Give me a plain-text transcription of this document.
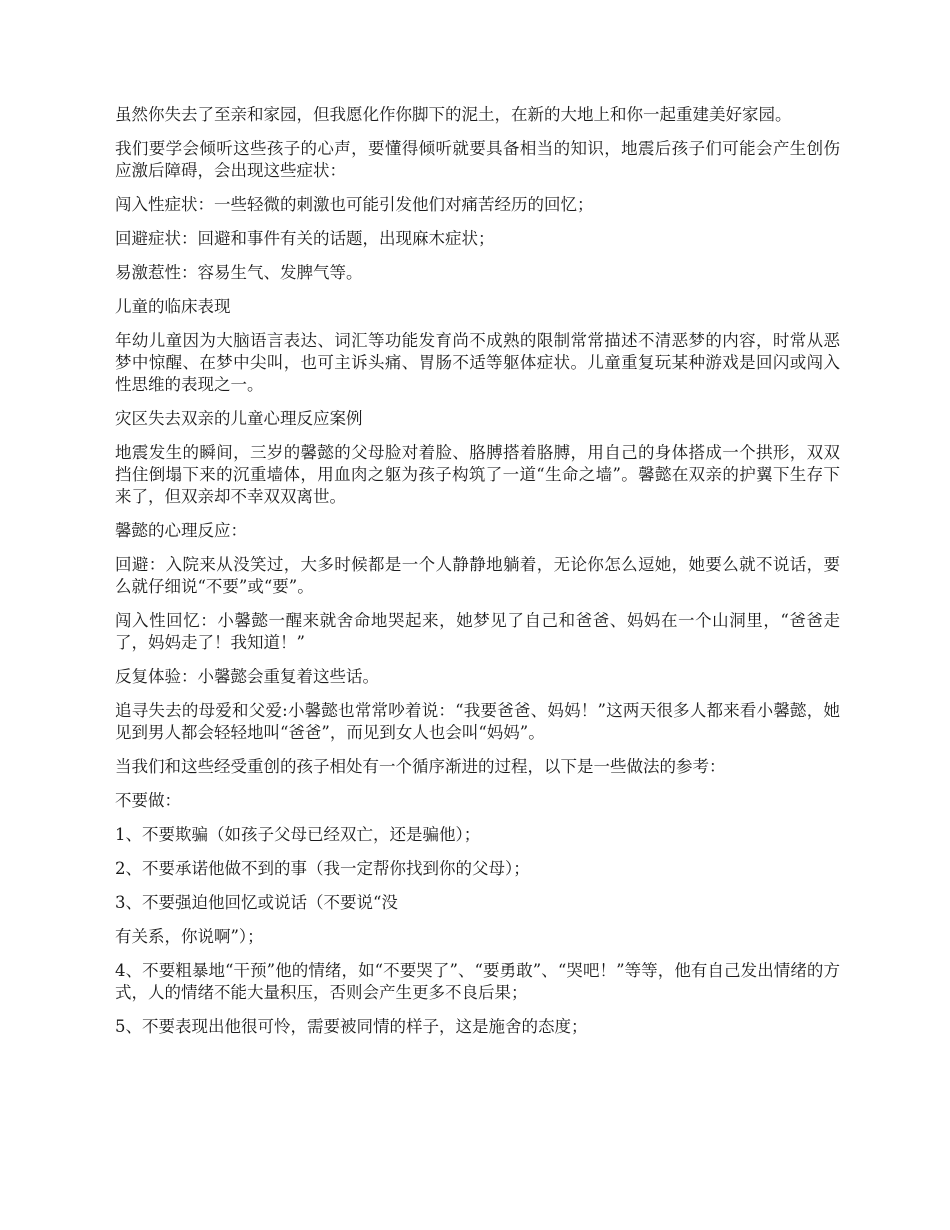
虽然你失去了至亲和家园，但我愿化作你脚下的泥土，在新的大地上和你一起重建美好家园。

我们要学会倾听这些孩子的心声，要懂得倾听就要具备相当的知识，地震后孩子们可能会产生创伤应激后障碍，会出现这些症状：

闯入性症状：一些轻微的刺激也可能引发他们对痛苦经历的回忆；

回避症状：回避和事件有关的话题，出现麻木症状；

易激惹性：容易生气、发脾气等。

儿童的临床表现

年幼儿童因为大脑语言表达、词汇等功能发育尚不成熟的限制常常描述不清恶梦的内容，时常从恶梦中惊醒、在梦中尖叫，也可主诉头痛、胃肠不适等躯体症状。儿童重复玩某种游戏是回闪或闯入性思维的表现之一。

灾区失去双亲的儿童心理反应案例

地震发生的瞬间，三岁的馨懿的父母脸对着脸、胳膊搭着胳膊，用自己的身体搭成一个拱形，双双挡住倒塌下来的沉重墙体，用血肉之躯为孩子构筑了一道“生命之墙”。馨懿在双亲的护翼下生存下来了，但双亲却不幸双双离世。

馨懿的心理反应：

回避：入院来从没笑过，大多时候都是一个人静静地躺着，无论你怎么逗她，她要么就不说话，要么就仔细说“不要”或“要”。

闯入性回忆：小馨懿一醒来就舍命地哭起来，她梦见了自己和爸爸、妈妈在一个山洞里，“爸爸走了，妈妈走了！我知道！”

反复体验：小馨懿会重复着这些话。

追寻失去的母爱和父爱:小馨懿也常常吵着说：“我要爸爸、妈妈！”这两天很多人都来看小馨懿，她见到男人都会轻轻地叫“爸爸”，而见到女人也会叫“妈妈”。

当我们和这些经受重创的孩子相处有一个循序渐进的过程，以下是一些做法的参考：

不要做：

1、不要欺骗（如孩子父母已经双亡，还是骗他）；

2、不要承诺他做不到的事（我一定帮你找到你的父母）；

3、不要强迫他回忆或说话（不要说“没

有关系，你说啊”）；

4、不要粗暴地“干预”他的情绪，如“不要哭了”、“要勇敢”、“哭吧！”等等，他有自己发出情绪的方式，人的情绪不能大量积压，否则会产生更多不良后果；

5、不要表现出他很可怜，需要被同情的样子，这是施舍的态度；
